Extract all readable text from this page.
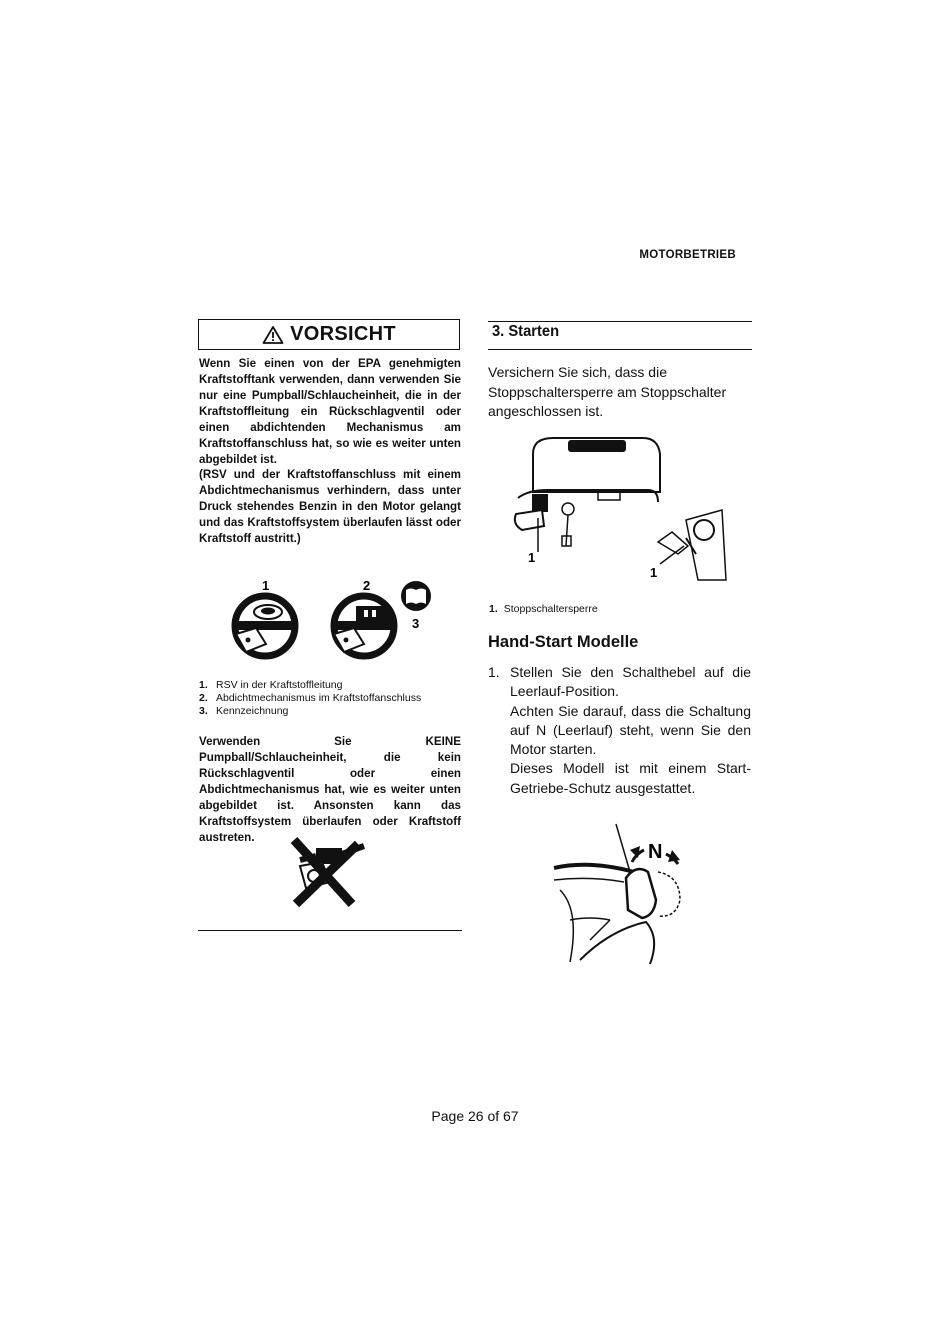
MOTORBETRIEB
VORSICHT
Wenn Sie einen von der EPA genehmigten Kraftstofftank verwenden, dann verwenden Sie nur eine Pumpball/Schlaucheinheit, die in der Kraftstoffleitung ein Rückschlagventil oder einen abdichtenden Mechanismus am Kraftstoffanschluss hat, so wie es weiter unten abgebildet ist.
(RSV und der Kraftstoffanschluss mit einem Abdichtmechanismus verhindern, dass unter Druck stehendes Benzin in den Motor gelangt und das Kraftstoffsystem überlaufen lässt oder Kraftstoff austritt.)
1	2
3
1. RSV in der Kraftstoffleitung
2. Abdichtmechanismus im Kraftstoffanschluss
3. Kennzeichnung
Verwenden Sie KEINE Pumpball/Schlaucheinheit, die kein Rückschlagventil oder einen Abdichtmechanismus hat, wie es weiter unten abgebildet ist. Ansonsten kann das Kraftstoffsystem überlaufen oder Kraftstoff austreten.
3. Starten
Versichern Sie sich, dass die Stoppschaltersperre am Stoppschalter angeschlossen ist.
1
1
1. Stoppschaltersperre
Hand-Start Modelle
1. Stellen Sie den Schalthebel auf die Leerlauf-Position.
Achten Sie darauf, dass die Schaltung auf N (Leerlauf) steht, wenn Sie den Motor starten.
Dieses Modell ist mit einem Start-Getriebe-Schutz ausgestattet.
N
Page 26 of 67
